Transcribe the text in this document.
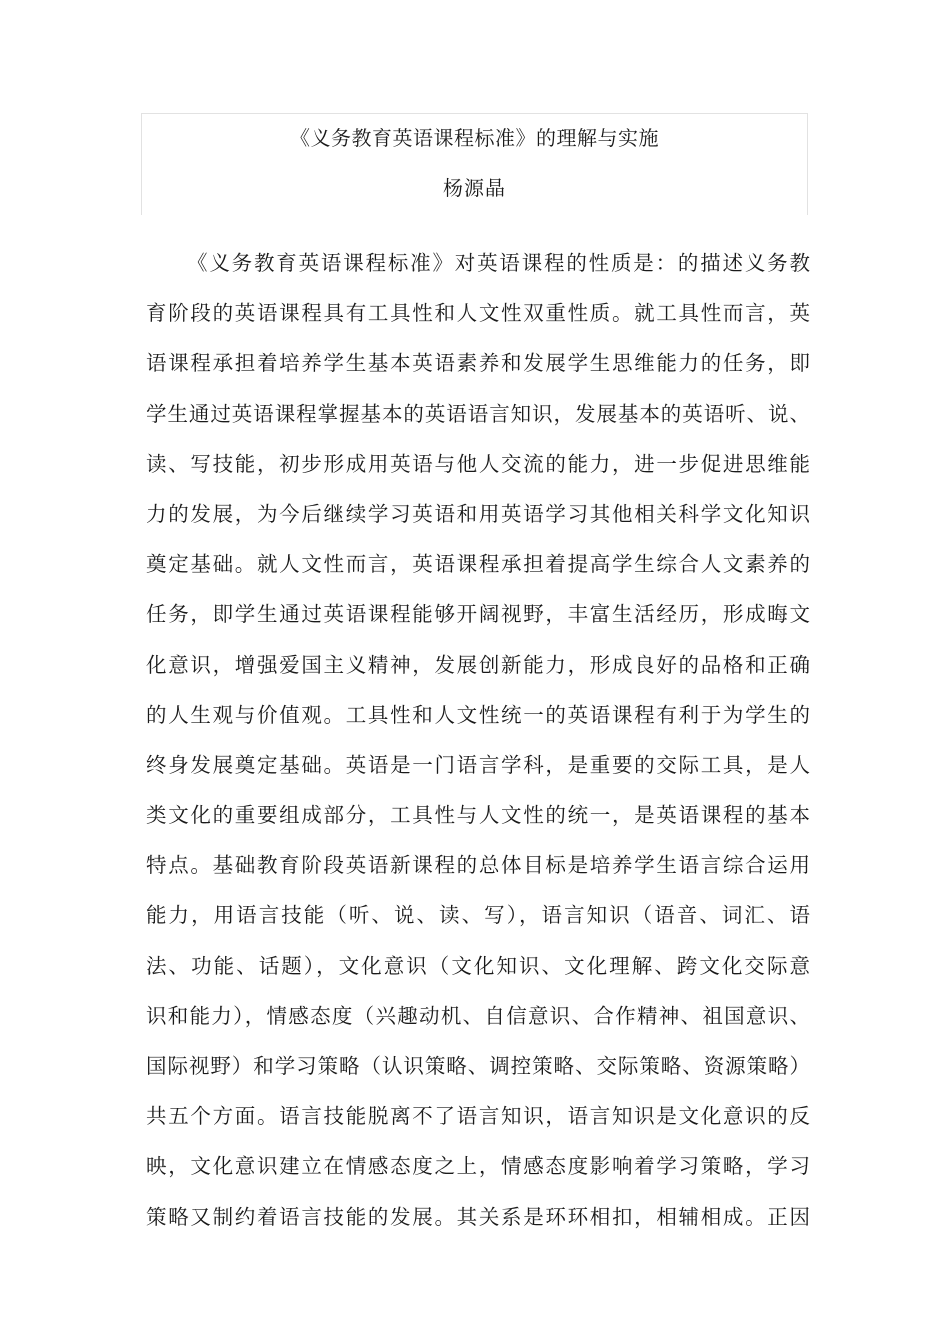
《义务教育英语课程标准》的理解与实施
杨源晶
《义务教育英语课程标准》对英语课程的性质是：的描述义务教
育阶段的英语课程具有工具性和人文性双重性质。就工具性而言，英
语课程承担着培养学生基本英语素养和发展学生思维能力的任务，即
学生通过英语课程掌握基本的英语语言知识，发展基本的英语听、说、
读、写技能，初步形成用英语与他人交流的能力，进一步促进思维能
力的发展，为今后继续学习英语和用英语学习其他相关科学文化知识
奠定基础。就人文性而言，英语课程承担着提高学生综合人文素养的
任务，即学生通过英语课程能够开阔视野，丰富生活经历，形成晦文
化意识，增强爱国主义精神，发展创新能力，形成良好的品格和正确
的人生观与价值观。工具性和人文性统一的英语课程有利于为学生的
终身发展奠定基础。英语是一门语言学科，是重要的交际工具，是人
类文化的重要组成部分，工具性与人文性的统一，是英语课程的基本
特点。基础教育阶段英语新课程的总体目标是培养学生语言综合运用
能力，用语言技能（听、说、读、写），语言知识（语音、词汇、语
法、功能、话题），文化意识（文化知识、文化理解、跨文化交际意
识和能力），情感态度（兴趣动机、自信意识、合作精神、祖国意识、
国际视野）和学习策略（认识策略、调控策略、交际策略、资源策略）
共五个方面。语言技能脱离不了语言知识，语言知识是文化意识的反
映，文化意识建立在情感态度之上，情感态度影响着学习策略，学习
策略又制约着语言技能的发展。其关系是环环相扣，相辅相成。正因
